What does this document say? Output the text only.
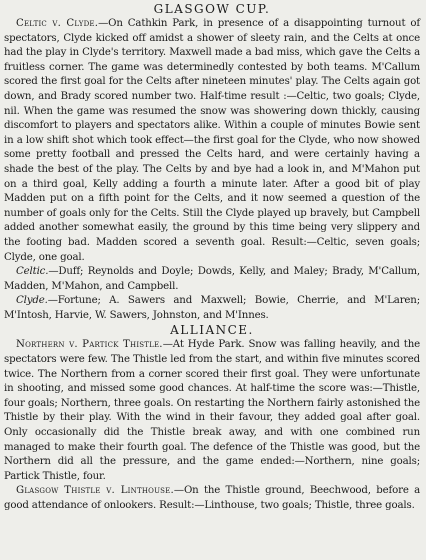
GLASGOW CUP.

Celtic v. Clyde.—On Cathkin Park, in presence of a disappointing turnout of spectators, Clyde kicked off amidst a shower of sleety rain, and the Celts at once had the play in Clyde's territory. Maxwell made a bad miss, which gave the Celts a fruitless corner. The game was determinedly contested by both teams. M'Callum scored the first goal for the Celts after nineteen minutes' play. The Celts again got down, and Brady scored number two. Half-time result :—Celtic, two goals; Clyde, nil. When the game was resumed the snow was showering down thickly, causing discomfort to players and spectators alike. Within a couple of minutes Bowie sent in a low shift shot which took effect—the first goal for the Clyde, who now showed some pretty football and pressed the Celts hard, and were certainly having a shade the best of the play. The Celts by and bye had a look in, and M'Mahon put on a third goal, Kelly adding a fourth a minute later. After a good bit of play Madden put on a fifth point for the Celts, and it now seemed a question of the number of goals only for the Celts. Still the Clyde played up bravely, but Campbell added another somewhat easily, the ground by this time being very slippery and the footing bad. Madden scored a seventh goal. Result:—Celtic, seven goals; Clyde, one goal.

Celtic.—Duff; Reynolds and Doyle; Dowds, Kelly, and Maley; Brady, M'Callum, Madden, M'Mahon, and Campbell.

Clyde.—Fortune; A. Sawers and Maxwell; Bowie, Cherrie, and M'Laren; M'Intosh, Harvie, W. Sawers, Johnston, and M'Innes.

ALLIANCE.

Northern v. Partick Thistle.—At Hyde Park. Snow was falling heavily, and the spectators were few. The Thistle led from the start, and within five minutes scored twice. The Northern from a corner scored their first goal. They were unfortunate in shooting, and missed some good chances. At half-time the score was:—Thistle, four goals; Northern, three goals. On restarting the Northern fairly astonished the Thistle by their play. With the wind in their favour, they added goal after goal. Only occasionally did the Thistle break away, and with one combined run managed to make their fourth goal. The defence of the Thistle was good, but the Northern did all the pressure, and the game ended:—Northern, nine goals; Partick Thistle, four.

Glasgow Thistle v. Linthouse.—On the Thistle ground, Beechwood, before a good attendance of onlookers. Result:—Linthouse, two goals; Thistle, three goals.
